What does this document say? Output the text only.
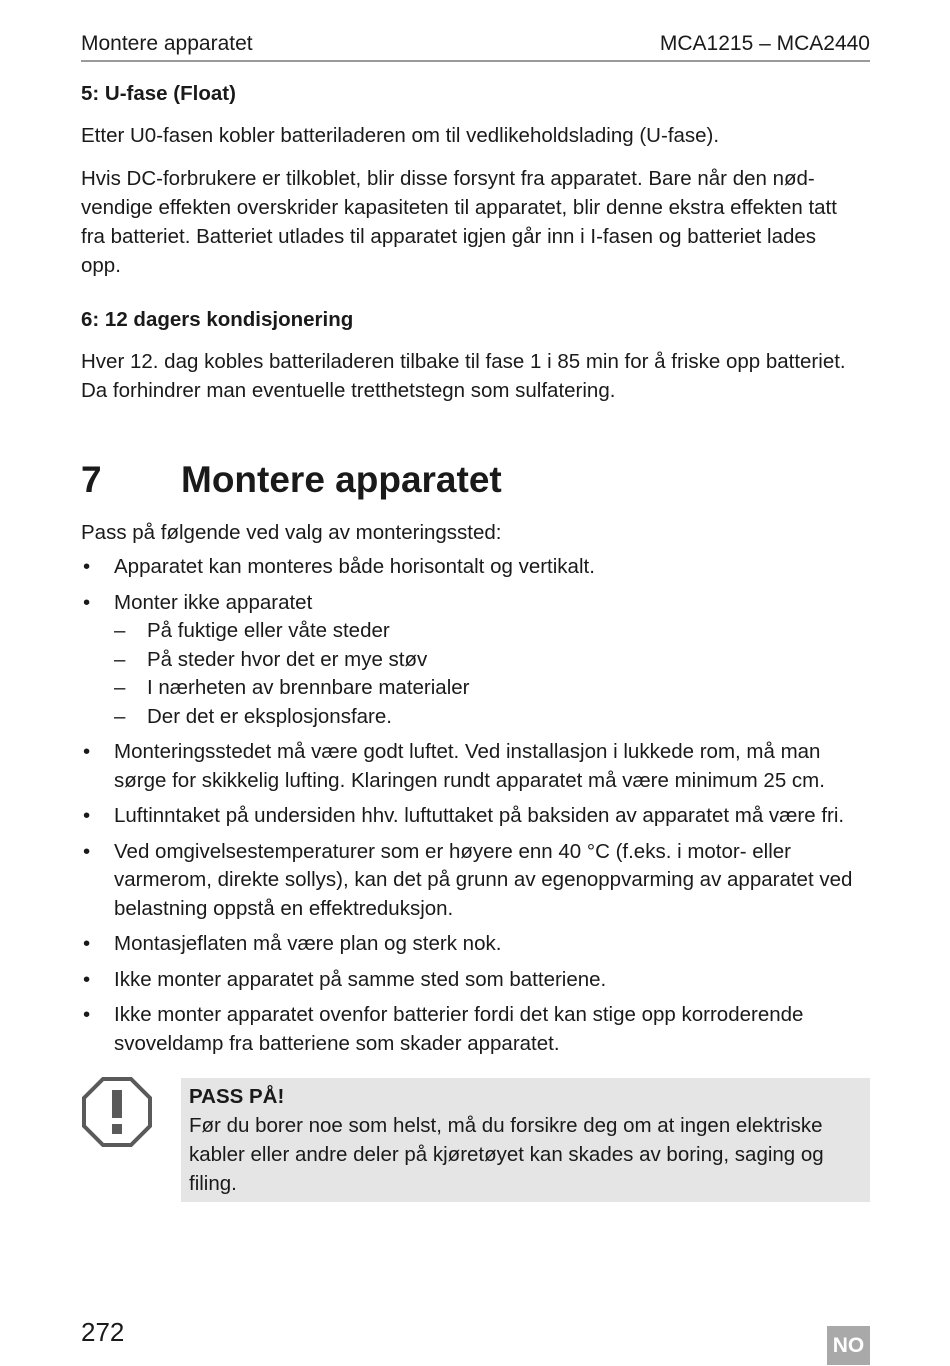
Montere apparatet	MCA1215 – MCA2440
5: U-fase (Float)

Etter U0-fasen kobler batteriladeren om til vedlikeholdslading (U-fase).

Hvis DC-forbrukere er tilkoblet, blir disse forsynt fra apparatet. Bare når den nød-
vendige effekten overskrider kapasiteten til apparatet, blir denne ekstra effekten tatt
fra batteriet. Batteriet utlades til apparatet igjen går inn i I-fasen og batteriet lades
opp.
6: 12 dagers kondisjonering
Hver 12. dag kobles batteriladeren tilbake til fase 1 i 85 min for å friske opp batteriet.
Da forhindrer man eventuelle tretthetstegn som sulfatering.
7 Montere apparatet

Pass på følgende ved valg av monteringssted:

• Apparatet kan monteres både horisontalt og vertikalt.
• Monter ikke apparatet
– På fuktige eller våte steder
– På steder hvor det er mye støv
– I nærheten av brennbare materialer
– Der det er eksplosjonsfare.
• Monteringsstedet må være godt luftet. Ved installasjon i lukkede rom, må man sørge for skikkelig lufting. Klaringen rundt apparatet må være minimum 25 cm.
• Luftinntaket på undersiden hhv. luftuttaket på baksiden av apparatet må være fri.
• Ved omgivelsestemperaturer som er høyere enn 40 °C (f.eks. i motor- eller varmerom, direkte sollys), kan det på grunn av egenoppvarming av apparatet ved belastning oppstå en effektreduksjon.
• Montasjeflaten må være plan og sterk nok.
• Ikke monter apparatet på samme sted som batteriene.
• Ikke monter apparatet ovenfor batterier fordi det kan stige opp korroderende svoveldamp fra batteriene som skader apparatet.
PASS PÅ!
Før du borer noe som helst, må du forsikre deg om at ingen elektriske kabler eller andre deler på kjøretøyet kan skades av boring, saging og filing.
272	NO
